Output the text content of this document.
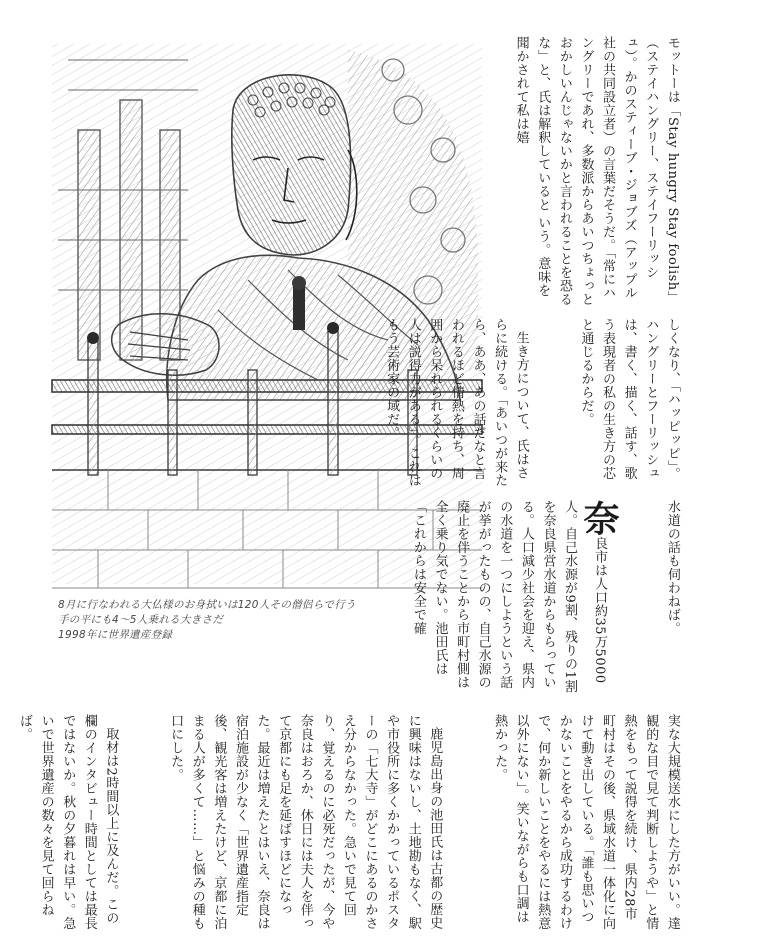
8月に行なわれる大仏様のお身拭いは120人その僧侶らで行う
手の平にも4〜5人乗れる大きさだ
1998年に世界遺産登録

モットーは「Stay hungry Stay foolish」（ステイハングリー、ステイフーリッシュ）。かのスティーブ・ジョブズ（アップル社の共同設立者）の言葉だそうだ。「常にハングリーであれ、多数派からあいつちょっとおかしいんじゃないかと言われることを恐るな」と、氏は解釈していると いう。意味を聞かされて私は嬉

しくなり、「ハッピッピ」。ハングリーとフーリッシュは、書く、描く、話す、歌う表現者の私の生き方の芯と通じるからだ。

生き方について、氏はさらに続ける。「あいつが来たら、ああ、あの話だなと言われるほど情熱を持ち、周囲から呆れられるくらいの人は説得力がある」。これはもう芸術家の域だ。

水道の話も伺わねば。

奈良市は人口約35万5000人。自己水源が9割、残りの1割を奈良県営水道からもらっている。人口減少社会を迎え、県内の水道を一つにしようという話が挙がったものの、自己水源の廃止を伴うことから市町村側は全く乗り気でない。池田氏は「これからは安全で確

実な大規模送水にした方がいい。達観的な目で見て判断しようや」と情熱をもって説得を続け、県内28市町村はその後、県域水道一体化に向けて動き出している。「誰も思いつかないことをやるから成功するわけで、何か新しいことをやるには熱意以外にない」。笑いながらも口調は熱かった。

鹿児島出身の池田氏は古都の歴史に興味はないし、土地勘もなく、駅や市役所に多くかかっているポスターの「七大寺」がどこにあるのかさえ分からなかった。急いで見て回り、覚えるのに必死だったが、今や奈良はおろか、休日には夫人を伴って京都にも足を延ばすほどになった。最近は増えたとはいえ、奈良は宿泊施設が少なく「世界遺産指定後、観光客は増えたけど、京都に泊まる人が多くて……」と悩みの種も口にした。

取材は2時間以上に及んだ。この欄のインタビュー時間としては最長ではないか。秋の夕暮れは早い。急いで世界遺産の数々を見て回らねば。
